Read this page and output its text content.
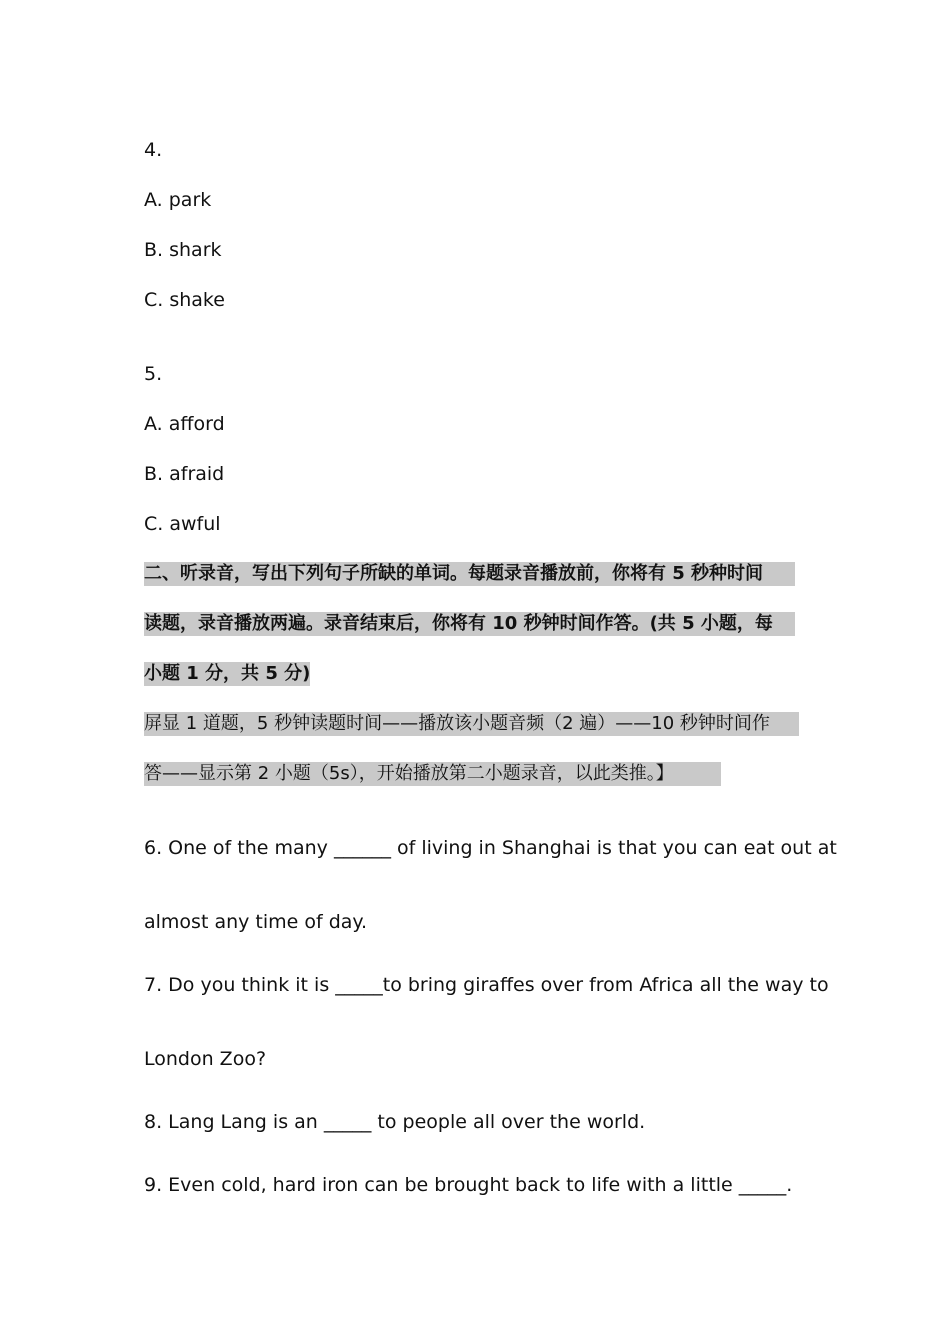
4.
A. park
B. shark
C. shake
5.
A. afford
B. afraid
C. awful
二、听录音，写出下列句子所缺的单词。每题录音播放前，你将有 5 秒种时间
读题，录音播放两遍。录音结束后，你将有 10 秒钟时间作答。(共 5 小题，每
小题 1 分，共 5 分)
屏显 1 道题，5 秒钟读题时间——播放该小题音频（2 遍）——10 秒钟时间作
答——显示第 2 小题（5s），开始播放第二小题录音，以此类推。】
6. One of the many ______ of living in Shanghai is that you can eat out at
almost any time of day.
7. Do you think it is _____to bring giraffes over from Africa all the way to
London Zoo?
8. Lang Lang is an _____ to people all over the world.
9. Even cold, hard iron can be brought back to life with a little _____.
